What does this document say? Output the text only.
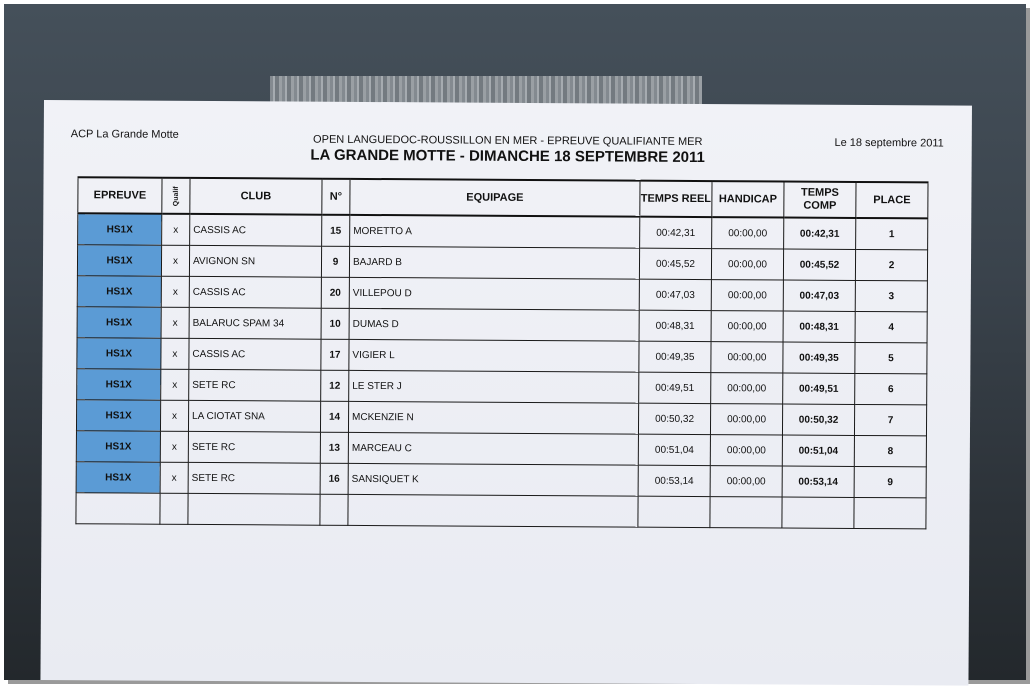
ACP La Grande Motte
Le 18 septembre 2011
OPEN LANGUEDOC-ROUSSILLON EN MER - EPREUVE QUALIFIANTE MER
LA GRANDE MOTTE - DIMANCHE 18 SEPTEMBRE 2011
EPREUVE	Qualif	CLUB	N°	EQUIPAGE	TEMPS REEL	HANDICAP	TEMPS COMP	PLACE
HS1X	x	CASSIS AC	15	MORETTO A	00:42,31	00:00,00	00:42,31	1
HS1X	x	AVIGNON SN	9	BAJARD B	00:45,52	00:00,00	00:45,52	2
HS1X	x	CASSIS AC	20	VILLEPOU D	00:47,03	00:00,00	00:47,03	3
HS1X	x	BALARUC SPAM 34	10	DUMAS D	00:48,31	00:00,00	00:48,31	4
HS1X	x	CASSIS AC	17	VIGIER L	00:49,35	00:00,00	00:49,35	5
HS1X	x	SETE RC	12	LE STER J	00:49,51	00:00,00	00:49,51	6
HS1X	x	LA CIOTAT SNA	14	MCKENZIE N	00:50,32	00:00,00	00:50,32	7
HS1X	x	SETE RC	13	MARCEAU C	00:51,04	00:00,00	00:51,04	8
HS1X	x	SETE RC	16	SANSIQUET K	00:53,14	00:00,00	00:53,14	9
